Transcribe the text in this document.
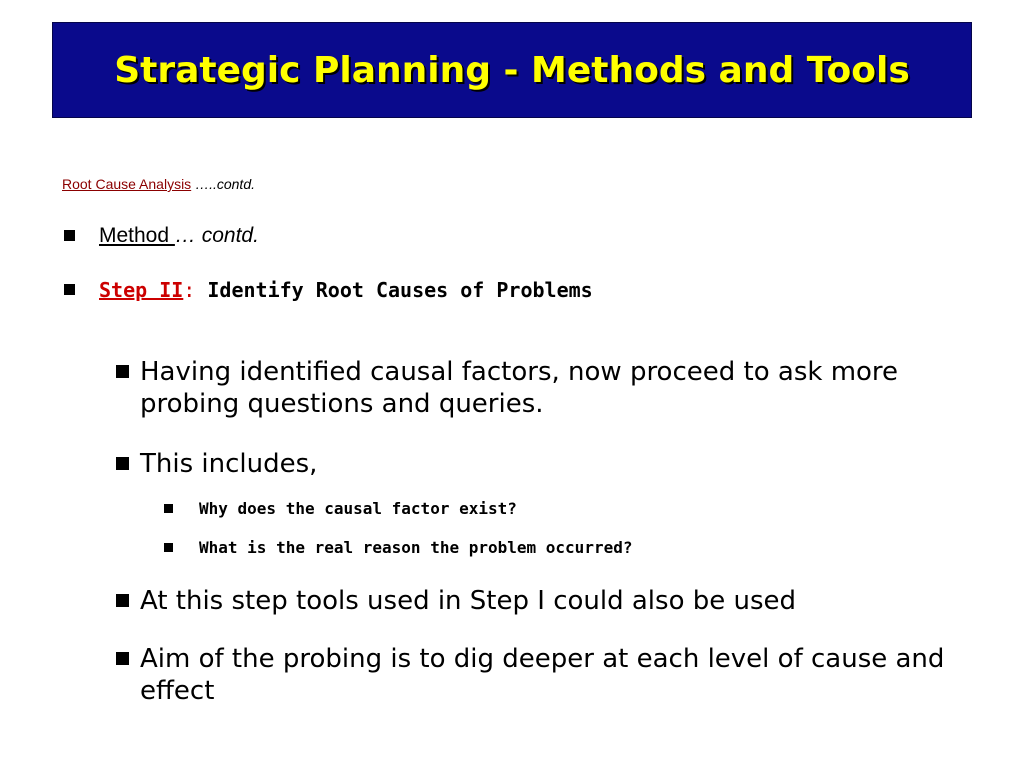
Strategic Planning - Methods and Tools
Root Cause Analysis …..contd.
Method … contd.
Step II: Identify Root Causes of Problems
Having identified causal factors, now proceed to ask more probing questions and queries.
This includes,
Why does the causal factor exist?
What is the real reason the problem occurred?
At this step tools used in Step I could also be used
Aim of the probing is to dig deeper at each level of cause and effect
